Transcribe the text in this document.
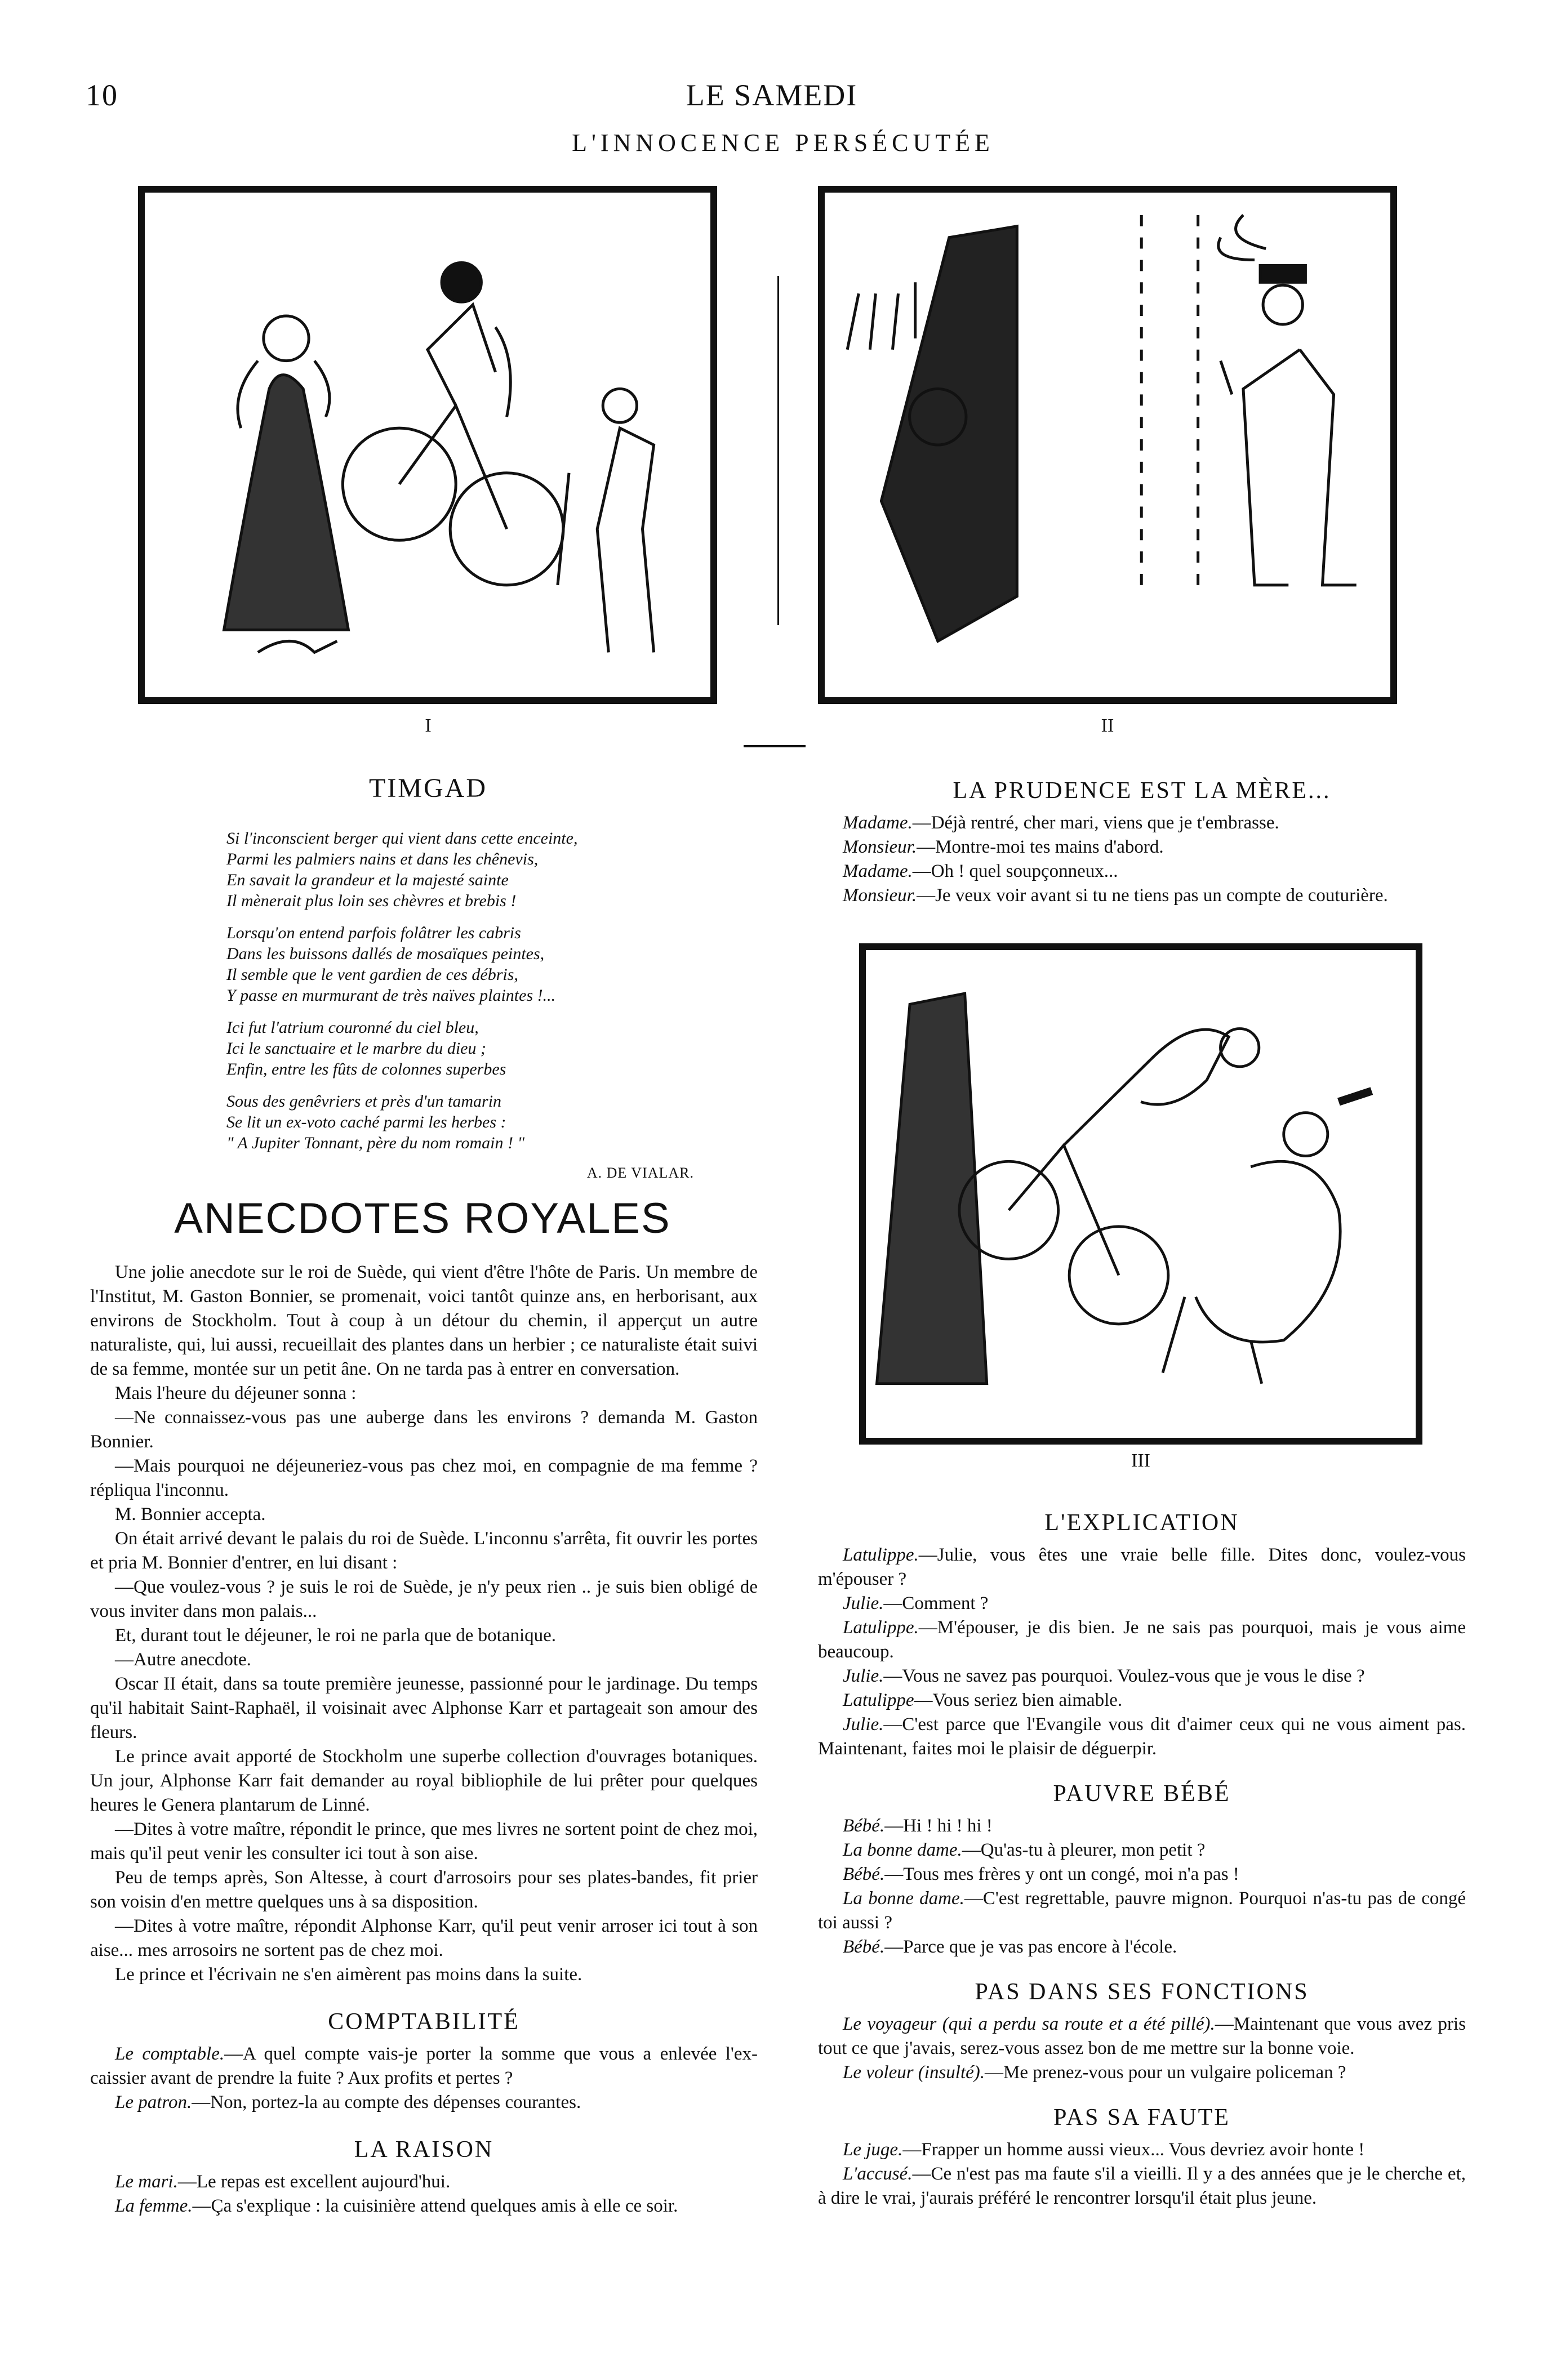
10	LE SAMEDI
L'INNOCENCE PERSÉCUTÉE
I	II
TIMGAD
Si l'inconscient berger qui vient dans cette enceinte,
Parmi les palmiers nains et dans les chênevis,
En savait la grandeur et la majesté sainte
Il mènerait plus loin ses chèvres et brebis !
Lorsqu'on entend parfois folâtrer les cabris
Dans les buissons dallés de mosaïques peintes,
Il semble que le vent gardien de ces débris,
Y passe en murmurant de très naïves plaintes !...
Ici fut l'atrium couronné du ciel bleu,
Ici le sanctuaire et le marbre du dieu ;
Enfin, entre les fûts de colonnes superbes
Sous des genêvriers et près d'un tamarin
Se lit un ex-voto caché parmi les herbes :
" A Jupiter Tonnant, père du nom romain ! "
A. DE VIALAR.
ANECDOTES ROYALES

Une jolie anecdote sur le roi de Suède, qui vient d'être l'hôte de Paris. Un membre de l'Institut, M. Gaston Bonnier, se promenait, voici tantôt quinze ans, en herborisant, aux environs de Stockholm. Tout à coup à un détour du chemin, il apperçut un autre naturaliste, qui, lui aussi, recueillait des plantes dans un herbier ; ce naturaliste était suivi de sa femme, montée sur un petit âne. On ne tarda pas à entrer en conversation.

Mais l'heure du déjeuner sonna :

—Ne connaissez-vous pas une auberge dans les environs ? demanda M. Gaston Bonnier.

—Mais pourquoi ne déjeuneriez-vous pas chez moi, en compagnie de ma femme ? répliqua l'inconnu.

M. Bonnier accepta.

On était arrivé devant le palais du roi de Suède. L'inconnu s'arrêta, fit ouvrir les portes et pria M. Bonnier d'entrer, en lui disant :

—Que voulez-vous ? je suis le roi de Suède, je n'y peux rien .. je suis bien obligé de vous inviter dans mon palais...

Et, durant tout le déjeuner, le roi ne parla que de botanique.

—Autre anecdote.

Oscar II était, dans sa toute première jeunesse, passionné pour le jardinage. Du temps qu'il habitait Saint-Raphaël, il voisinait avec Alphonse Karr et partageait son amour des fleurs.

Le prince avait apporté de Stockholm une superbe collection d'ouvrages botaniques. Un jour, Alphonse Karr fait demander au royal bibliophile de lui prêter pour quelques heures le Genera plantarum de Linné.

—Dites à votre maître, répondit le prince, que mes livres ne sortent point de chez moi, mais qu'il peut venir les consulter ici tout à son aise.

Peu de temps après, Son Altesse, à court d'arrosoirs pour ses plates-bandes, fit prier son voisin d'en mettre quelques uns à sa disposition.

—Dites à votre maître, répondit Alphonse Karr, qu'il peut venir arroser ici tout à son aise... mes arrosoirs ne sortent pas de chez moi.

Le prince et l'écrivain ne s'en aimèrent pas moins dans la suite.

COMPTABILITÉ

Le comptable.—A quel compte vais-je porter la somme que vous a enlevée l'ex-caissier avant de prendre la fuite ? Aux profits et pertes ?

Le patron.—Non, portez-la au compte des dépenses courantes.

LA RAISON

Le mari.—Le repas est excellent aujourd'hui.

La femme.—Ça s'explique : la cuisinière attend quelques amis à elle ce soir.

LA PRUDENCE EST LA MÈRE...

Madame.—Déjà rentré, cher mari, viens que je t'embrasse.

Monsieur.—Montre-moi tes mains d'abord.

Madame.—Oh ! quel soupçonneux...

Monsieur.—Je veux voir avant si tu ne tiens pas un compte de couturière.

III
L'EXPLICATION

Latulippe.—Julie, vous êtes une vraie belle fille. Dites donc, voulez-vous m'épouser ?

Julie.—Comment ?

Latulippe.—M'épouser, je dis bien. Je ne sais pas pourquoi, mais je vous aime beaucoup.

Julie.—Vous ne savez pas pourquoi. Voulez-vous que je vous le dise ?

Latulippe—Vous seriez bien aimable.

Julie.—C'est parce que l'Evangile vous dit d'aimer ceux qui ne vous aiment pas. Maintenant, faites moi le plaisir de déguerpir.

PAUVRE BÉBÉ

Bébé.—Hi ! hi ! hi !

La bonne dame.—Qu'as-tu à pleurer, mon petit ?

Bébé.—Tous mes frères y ont un congé, moi n'a pas !

La bonne dame.—C'est regrettable, pauvre mignon. Pourquoi n'as-tu pas de congé toi aussi ?

Bébé.—Parce que je vas pas encore à l'école.

PAS DANS SES FONCTIONS

Le voyageur (qui a perdu sa route et a été pillé).—Maintenant que vous avez pris tout ce que j'avais, serez-vous assez bon de me mettre sur la bonne voie.

Le voleur (insulté).—Me prenez-vous pour un vulgaire policeman ?

PAS SA FAUTE

Le juge.—Frapper un homme aussi vieux... Vous devriez avoir honte !

L'accusé.—Ce n'est pas ma faute s'il a vieilli. Il y a des années que je le cherche et, à dire le vrai, j'aurais préféré le rencontrer lorsqu'il était plus jeune.
